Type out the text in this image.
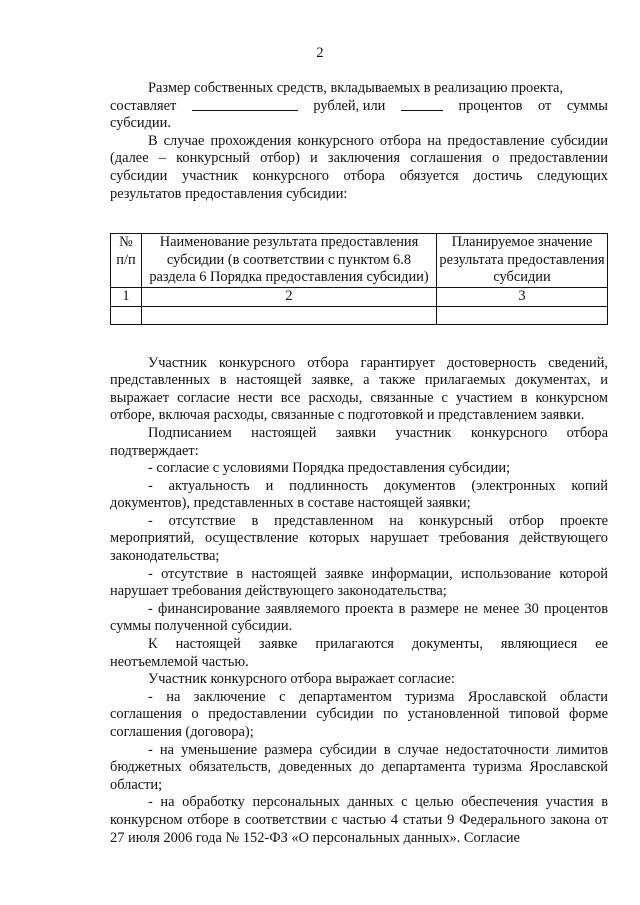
2

Размер собственных средств, вкладываемых в реализацию проекта,

составляет	рублей, или	процентов от суммы

субсидии.

В случае прохождения конкурсного отбора на предоставление субсидии (далее – конкурсный отбор) и заключения соглашения о предоставлении субсидии участник конкурсного отбора обязуется достичь следующих результатов предоставления субсидии:

№ п/п	Наименование результата предоставления субсидии (в соответствии с пунктом 6.8 раздела 6 Порядка предоставления субсидии)	Планируемое значение результата предоставления субсидии
1	2	3

Участник конкурсного отбора гарантирует достоверность сведений, представленных в настоящей заявке, а также прилагаемых документах, и выражает согласие нести все расходы, связанные с участием в конкурсном отборе, включая расходы, связанные с подготовкой и представлением заявки.

Подписанием настоящей заявки участник конкурсного отбора подтверждает:

- согласие с условиями Порядка предоставления субсидии;

- актуальность и подлинность документов (электронных копий документов), представленных в составе настоящей заявки;

- отсутствие в представленном на конкурсный отбор проекте мероприятий, осуществление которых нарушает требования действующего законодательства;

- отсутствие в настоящей заявке информации, использование которой нарушает требования действующего законодательства;

- финансирование заявляемого проекта в размере не менее 30 процентов суммы полученной субсидии.

К настоящей заявке прилагаются документы, являющиеся ее неотъемлемой частью.

Участник конкурсного отбора выражает согласие:

- на заключение с департаментом туризма Ярославской области соглашения о предоставлении субсидии по установленной типовой форме соглашения (договора);

- на уменьшение размера субсидии в случае недостаточности лимитов бюджетных обязательств, доведенных до департамента туризма Ярославской области;

- на обработку персональных данных с целью обеспечения участия в конкурсном отборе в соответствии с частью 4 статьи 9 Федерального закона от 27 июля 2006 года № 152-ФЗ «О персональных данных». Согласие
